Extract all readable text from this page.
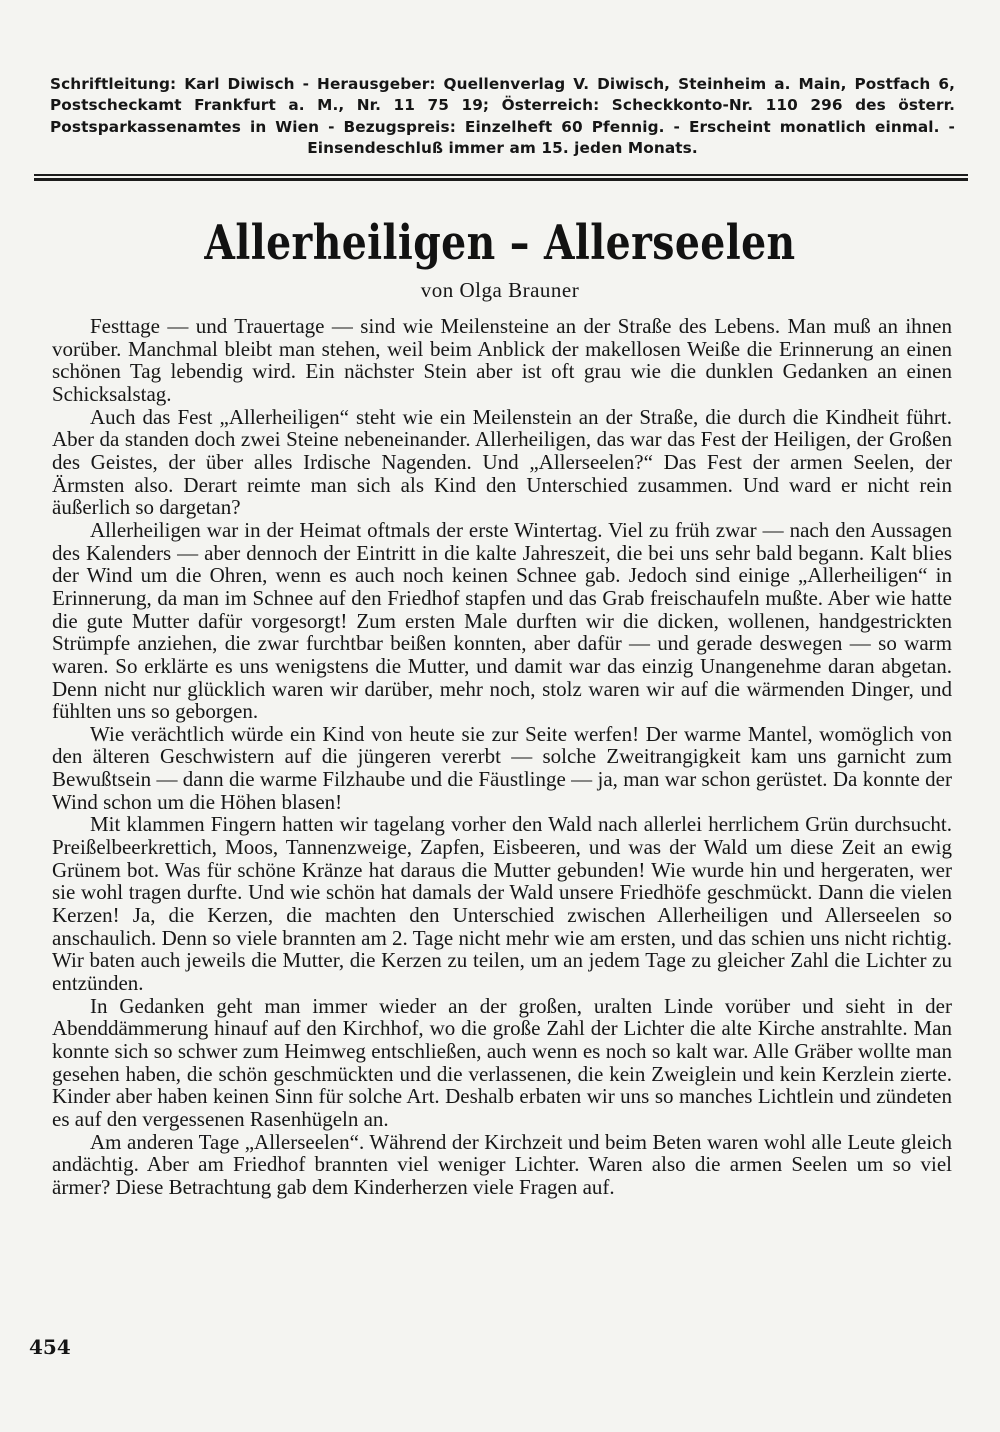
Schriftleitung: Karl Diwisch - Herausgeber: Quellenverlag V. Diwisch, Steinheim a. Main, Postfach 6, Postscheckamt Frankfurt a. M., Nr. 11 75 19; Österreich: Scheckkonto-Nr. 110 296 des österr. Postsparkassenamtes in Wien - Bezugspreis: Einzelheft 60 Pfennig. - Erscheint monatlich einmal. - Einsendeschluß immer am 15. jeden Monats.
Allerheiligen – Allerseelen
von Olga Brauner

Festtage — und Trauertage — sind wie Meilensteine an der Straße des Lebens. Man muß an ihnen vorüber. Manchmal bleibt man stehen, weil beim Anblick der makellosen Weiße die Erinnerung an einen schönen Tag lebendig wird. Ein nächster Stein aber ist oft grau wie die dunklen Gedanken an einen Schicksalstag.

Auch das Fest „Allerheiligen“ steht wie ein Meilenstein an der Straße, die durch die Kindheit führt. Aber da standen doch zwei Steine nebeneinander. Allerheiligen, das war das Fest der Heiligen, der Großen des Geistes, der über alles Irdische Nagenden. Und „Allerseelen?“ Das Fest der armen Seelen, der Ärmsten also. Derart reimte man sich als Kind den Unterschied zusammen. Und ward er nicht rein äußerlich so dargetan?

Allerheiligen war in der Heimat oftmals der erste Wintertag. Viel zu früh zwar — nach den Aussagen des Kalenders — aber dennoch der Eintritt in die kalte Jahreszeit, die bei uns sehr bald begann. Kalt blies der Wind um die Ohren, wenn es auch noch keinen Schnee gab. Jedoch sind einige „Allerheiligen“ in Erinnerung, da man im Schnee auf den Friedhof stapfen und das Grab freischaufeln mußte. Aber wie hatte die gute Mutter dafür vorgesorgt! Zum ersten Male durften wir die dicken, wollenen, handgestrickten Strümpfe anziehen, die zwar furchtbar beißen konnten, aber dafür — und gerade deswegen — so warm waren. So erklärte es uns wenigstens die Mutter, und damit war das einzig Unangenehme daran abgetan. Denn nicht nur glücklich waren wir darüber, mehr noch, stolz waren wir auf die wärmenden Dinger, und fühlten uns so geborgen.

Wie verächtlich würde ein Kind von heute sie zur Seite werfen! Der warme Mantel, womöglich von den älteren Geschwistern auf die jüngeren vererbt — solche Zweitrangigkeit kam uns garnicht zum Bewußtsein — dann die warme Filzhaube und die Fäustlinge — ja, man war schon gerüstet. Da konnte der Wind schon um die Höhen blasen!

Mit klammen Fingern hatten wir tagelang vorher den Wald nach allerlei herrlichem Grün durchsucht. Preißelbeerkrettich, Moos, Tannenzweige, Zapfen, Eisbeeren, und was der Wald um diese Zeit an ewig Grünem bot. Was für schöne Kränze hat daraus die Mutter gebunden! Wie wurde hin und hergeraten, wer sie wohl tragen durfte. Und wie schön hat damals der Wald unsere Friedhöfe geschmückt. Dann die vielen Kerzen! Ja, die Kerzen, die machten den Unterschied zwischen Allerheiligen und Allerseelen so anschaulich. Denn so viele brannten am 2. Tage nicht mehr wie am ersten, und das schien uns nicht richtig. Wir baten auch jeweils die Mutter, die Kerzen zu teilen, um an jedem Tage zu gleicher Zahl die Lichter zu entzünden.

In Gedanken geht man immer wieder an der großen, uralten Linde vorüber und sieht in der Abenddämmerung hinauf auf den Kirchhof, wo die große Zahl der Lichter die alte Kirche anstrahlte. Man konnte sich so schwer zum Heimweg entschließen, auch wenn es noch so kalt war. Alle Gräber wollte man gesehen haben, die schön geschmückten und die verlassenen, die kein Zweiglein und kein Kerzlein zierte. Kinder aber haben keinen Sinn für solche Art. Deshalb erbaten wir uns so manches Lichtlein und zündeten es auf den vergessenen Rasenhügeln an.

Am anderen Tage „Allerseelen“. Während der Kirchzeit und beim Beten waren wohl alle Leute gleich andächtig. Aber am Friedhof brannten viel weniger Lichter. Waren also die armen Seelen um so viel ärmer? Diese Betrachtung gab dem Kinderherzen viele Fragen auf.

454
